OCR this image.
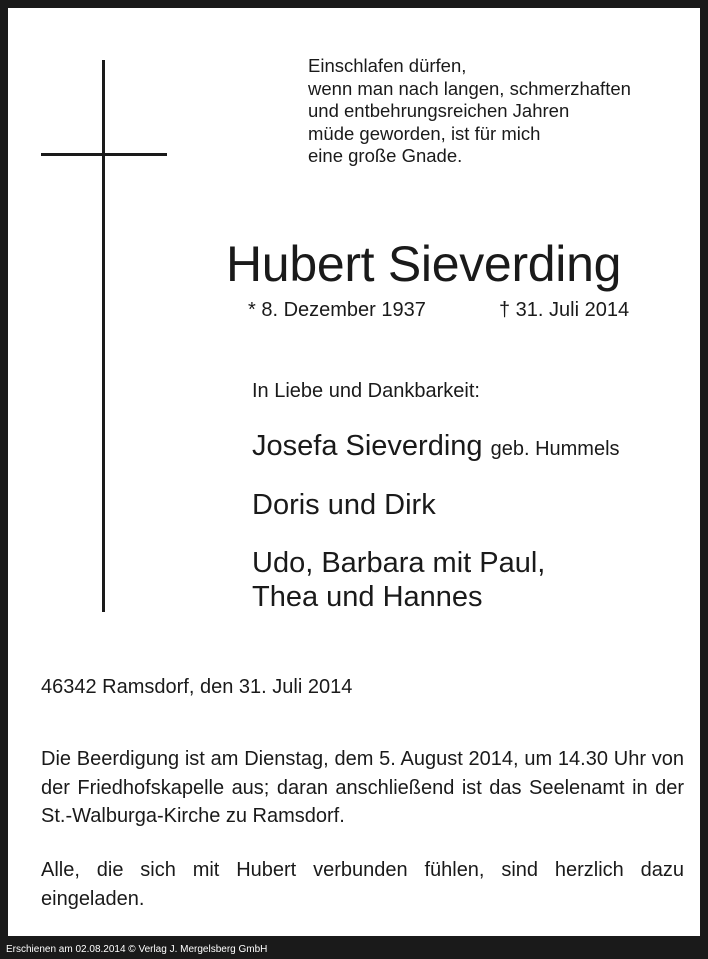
Einschlafen dürfen,
wenn man nach langen, schmerzhaften
und entbehrungsreichen Jahren
müde geworden, ist für mich
eine große Gnade.
Hubert Sieverding
* 8. Dezember 1937	† 31. Juli 2014
In Liebe und Dankbarkeit:
Josefa Sieverding geb. Hummels
Doris und Dirk
Udo, Barbara mit Paul,
Thea und Hannes
46342 Ramsdorf, den 31. Juli 2014
Die Beerdigung ist am Dienstag, dem 5. August 2014, um 14.30 Uhr von der Friedhofskapelle aus; daran anschließend ist das Seelenamt in der St.-Walburga-Kirche zu Ramsdorf.
Alle, die sich mit Hubert verbunden fühlen, sind herzlich dazu eingeladen.
Erschienen am 02.08.2014 © Verlag J. Mergelsberg GmbH
